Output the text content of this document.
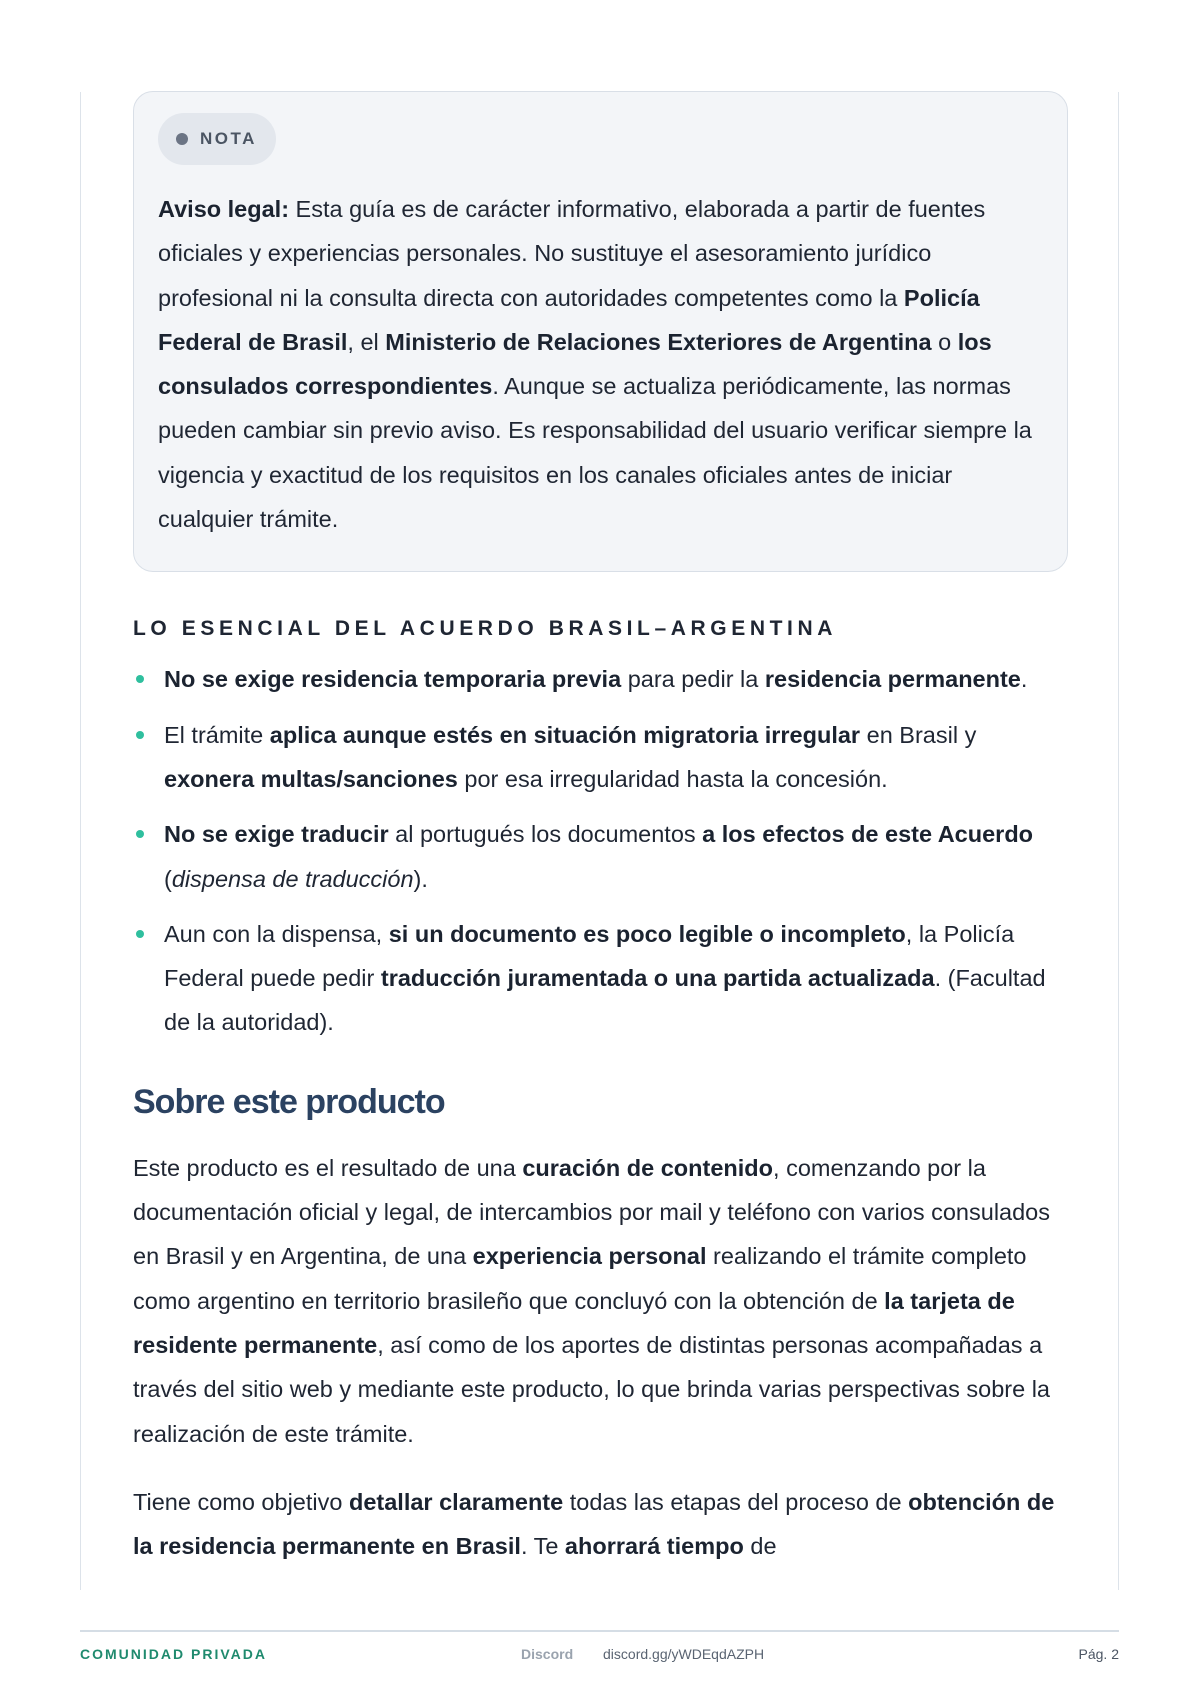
NOTA

Aviso legal: Esta guía es de carácter informativo, elaborada a partir de fuentes oficiales y experiencias personales. No sustituye el asesoramiento jurídico profesional ni la consulta directa con autoridades competentes como la Policía Federal de Brasil, el Ministerio de Relaciones Exteriores de Argentina o los consulados correspondientes. Aunque se actualiza periódicamente, las normas pueden cambiar sin previo aviso. Es responsabilidad del usuario verificar siempre la vigencia y exactitud de los requisitos en los canales oficiales antes de iniciar cualquier trámite.

LO ESENCIAL DEL ACUERDO BRASIL–ARGENTINA
No se exige residencia temporaria previa para pedir la residencia permanente.
El trámite aplica aunque estés en situación migratoria irregular en Brasil y exonera multas/sanciones por esa irregularidad hasta la concesión.
No se exige traducir al portugués los documentos a los efectos de este Acuerdo (dispensa de traducción).
Aun con la dispensa, si un documento es poco legible o incompleto, la Policía Federal puede pedir traducción juramentada o una partida actualizada. (Facultad de la autoridad).
Sobre este producto

Este producto es el resultado de una curación de contenido, comenzando por la documentación oficial y legal, de intercambios por mail y teléfono con varios consulados en Brasil y en Argentina, de una experiencia personal realizando el trámite completo como argentino en territorio brasileño que concluyó con la obtención de la tarjeta de residente permanente, así como de los aportes de distintas personas acompañadas a través del sitio web y mediante este producto, lo que brinda varias perspectivas sobre la realización de este trámite.

Tiene como objetivo detallar claramente todas las etapas del proceso de obtención de la residencia permanente en Brasil. Te ahorrará tiempo de

COMUNIDAD PRIVADA	Discord discord.gg/yWDEqdAZPH	Pág. 2
